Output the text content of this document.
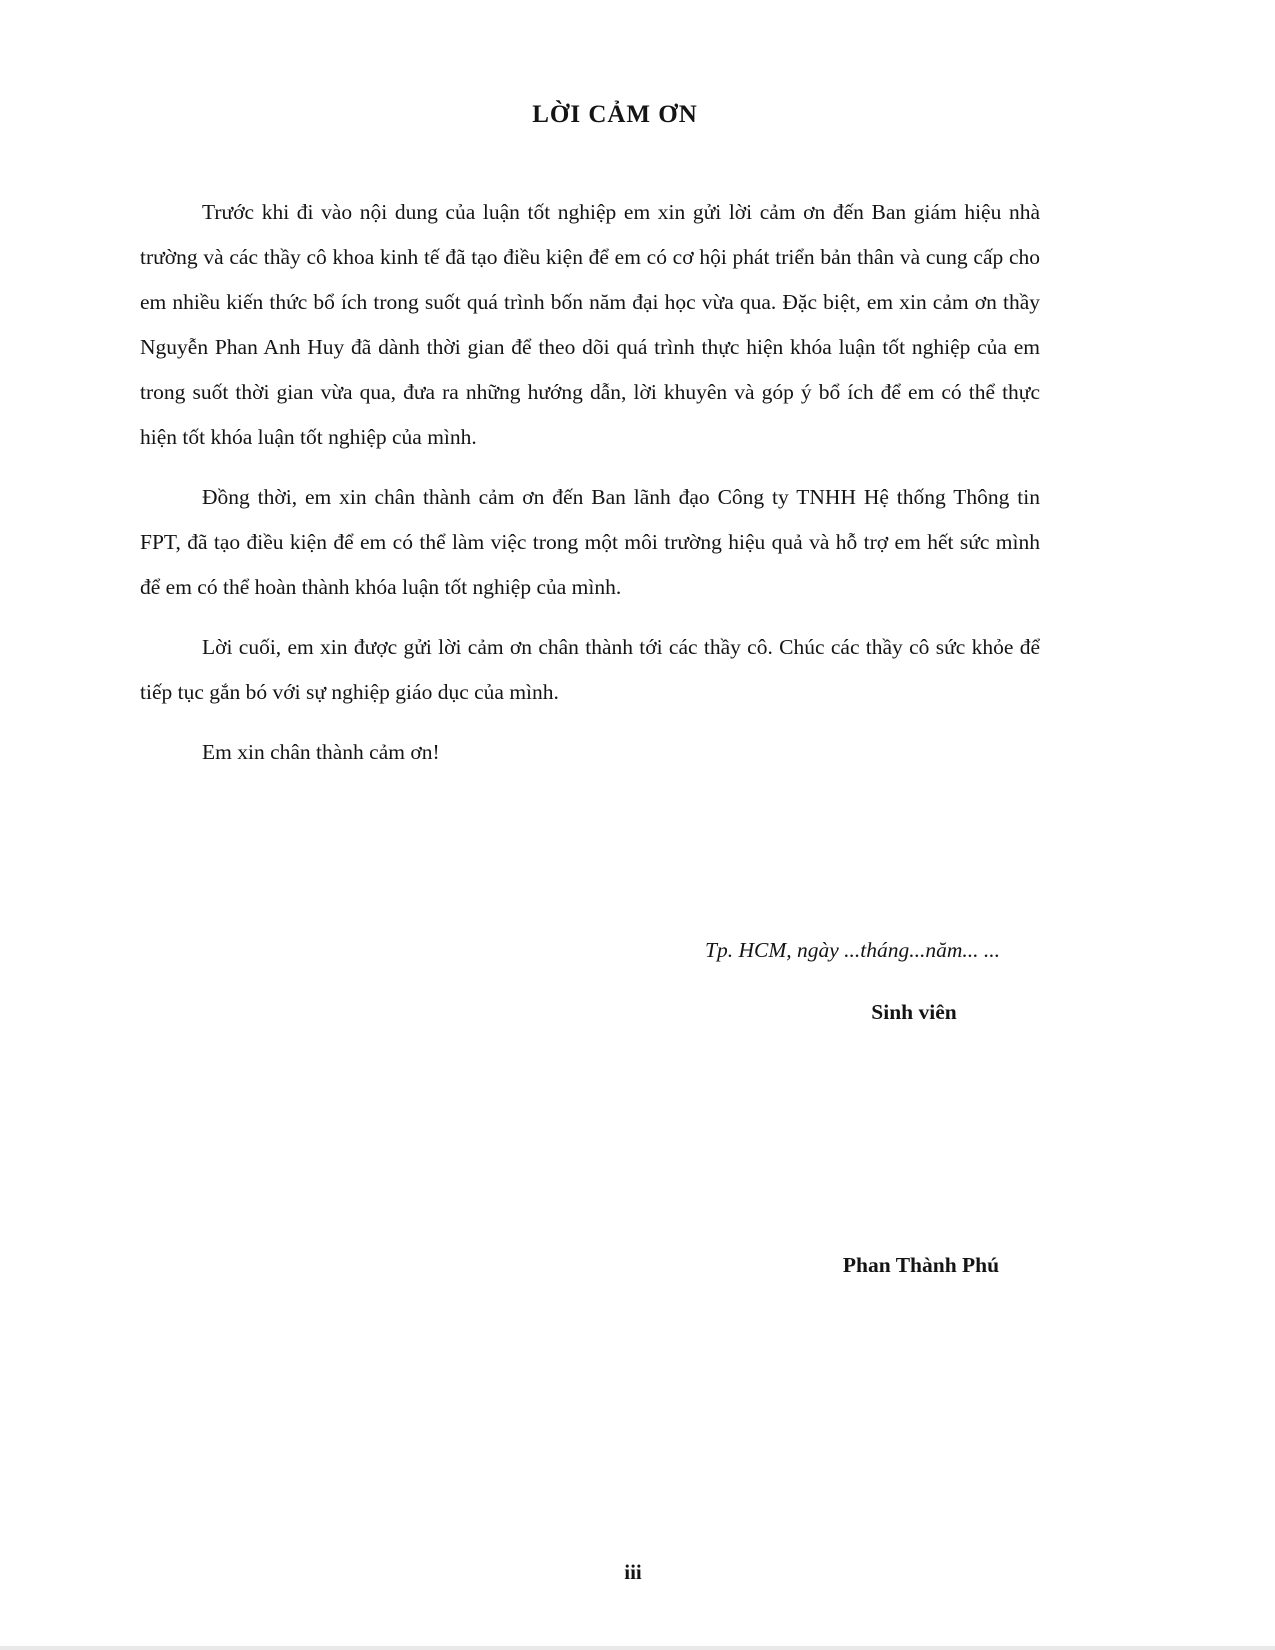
LỜI CẢM ƠN

Trước khi đi vào nội dung của luận tốt nghiệp em xin gửi lời cảm ơn đến Ban giám hiệu nhà trường và các thầy cô khoa kinh tế đã tạo điều kiện để em có cơ hội phát triển bản thân và cung cấp cho em nhiều kiến thức bổ ích trong suốt quá trình bốn năm đại học vừa qua. Đặc biệt, em xin cảm ơn thầy Nguyễn Phan Anh Huy đã dành thời gian để theo dõi quá trình thực hiện khóa luận tốt nghiệp của em trong suốt thời gian vừa qua, đưa ra những hướng dẫn, lời khuyên và góp ý bổ ích để em có thể thực hiện tốt khóa luận tốt nghiệp của mình.

Đồng thời, em xin chân thành cảm ơn đến Ban lãnh đạo Công ty TNHH Hệ thống Thông tin FPT, đã tạo điều kiện để em có thể làm việc trong một môi trường hiệu quả và hỗ trợ em hết sức mình để em có thể hoàn thành khóa luận tốt nghiệp của mình.

Lời cuối, em xin được gửi lời cảm ơn chân thành tới các thầy cô. Chúc các thầy cô sức khỏe để tiếp tục gắn bó với sự nghiệp giáo dục của mình.

Em xin chân thành cảm ơn!

Tp. HCM, ngày ...tháng...năm... ...
Sinh viên
Phan Thành Phú
iii
